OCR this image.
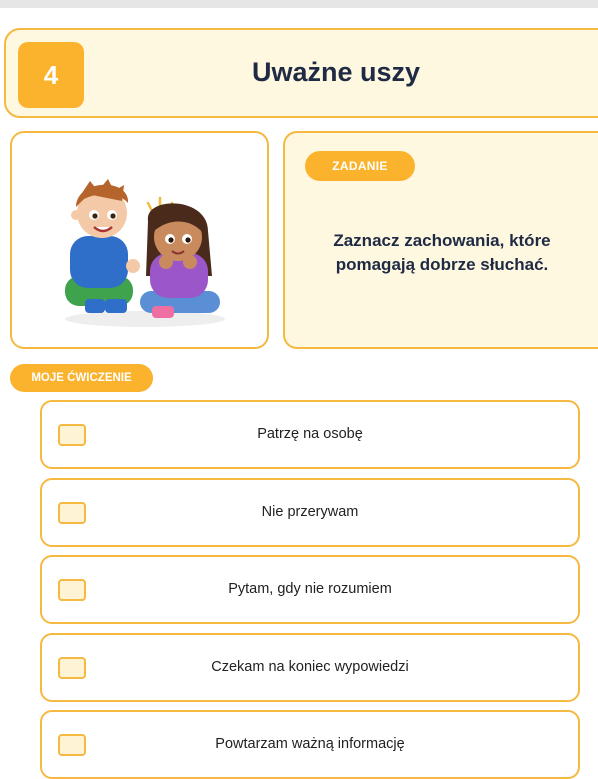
4	Uważne uszy
ZADANIE
Zaznacz zachowania, które pomagają dobrze słuchać.
MOJE ĆWICZENIE
Patrzę na osobę
Nie przerywam
Pytam, gdy nie rozumiem
Czekam na koniec wypowiedzi
Powtarzam ważną informację
